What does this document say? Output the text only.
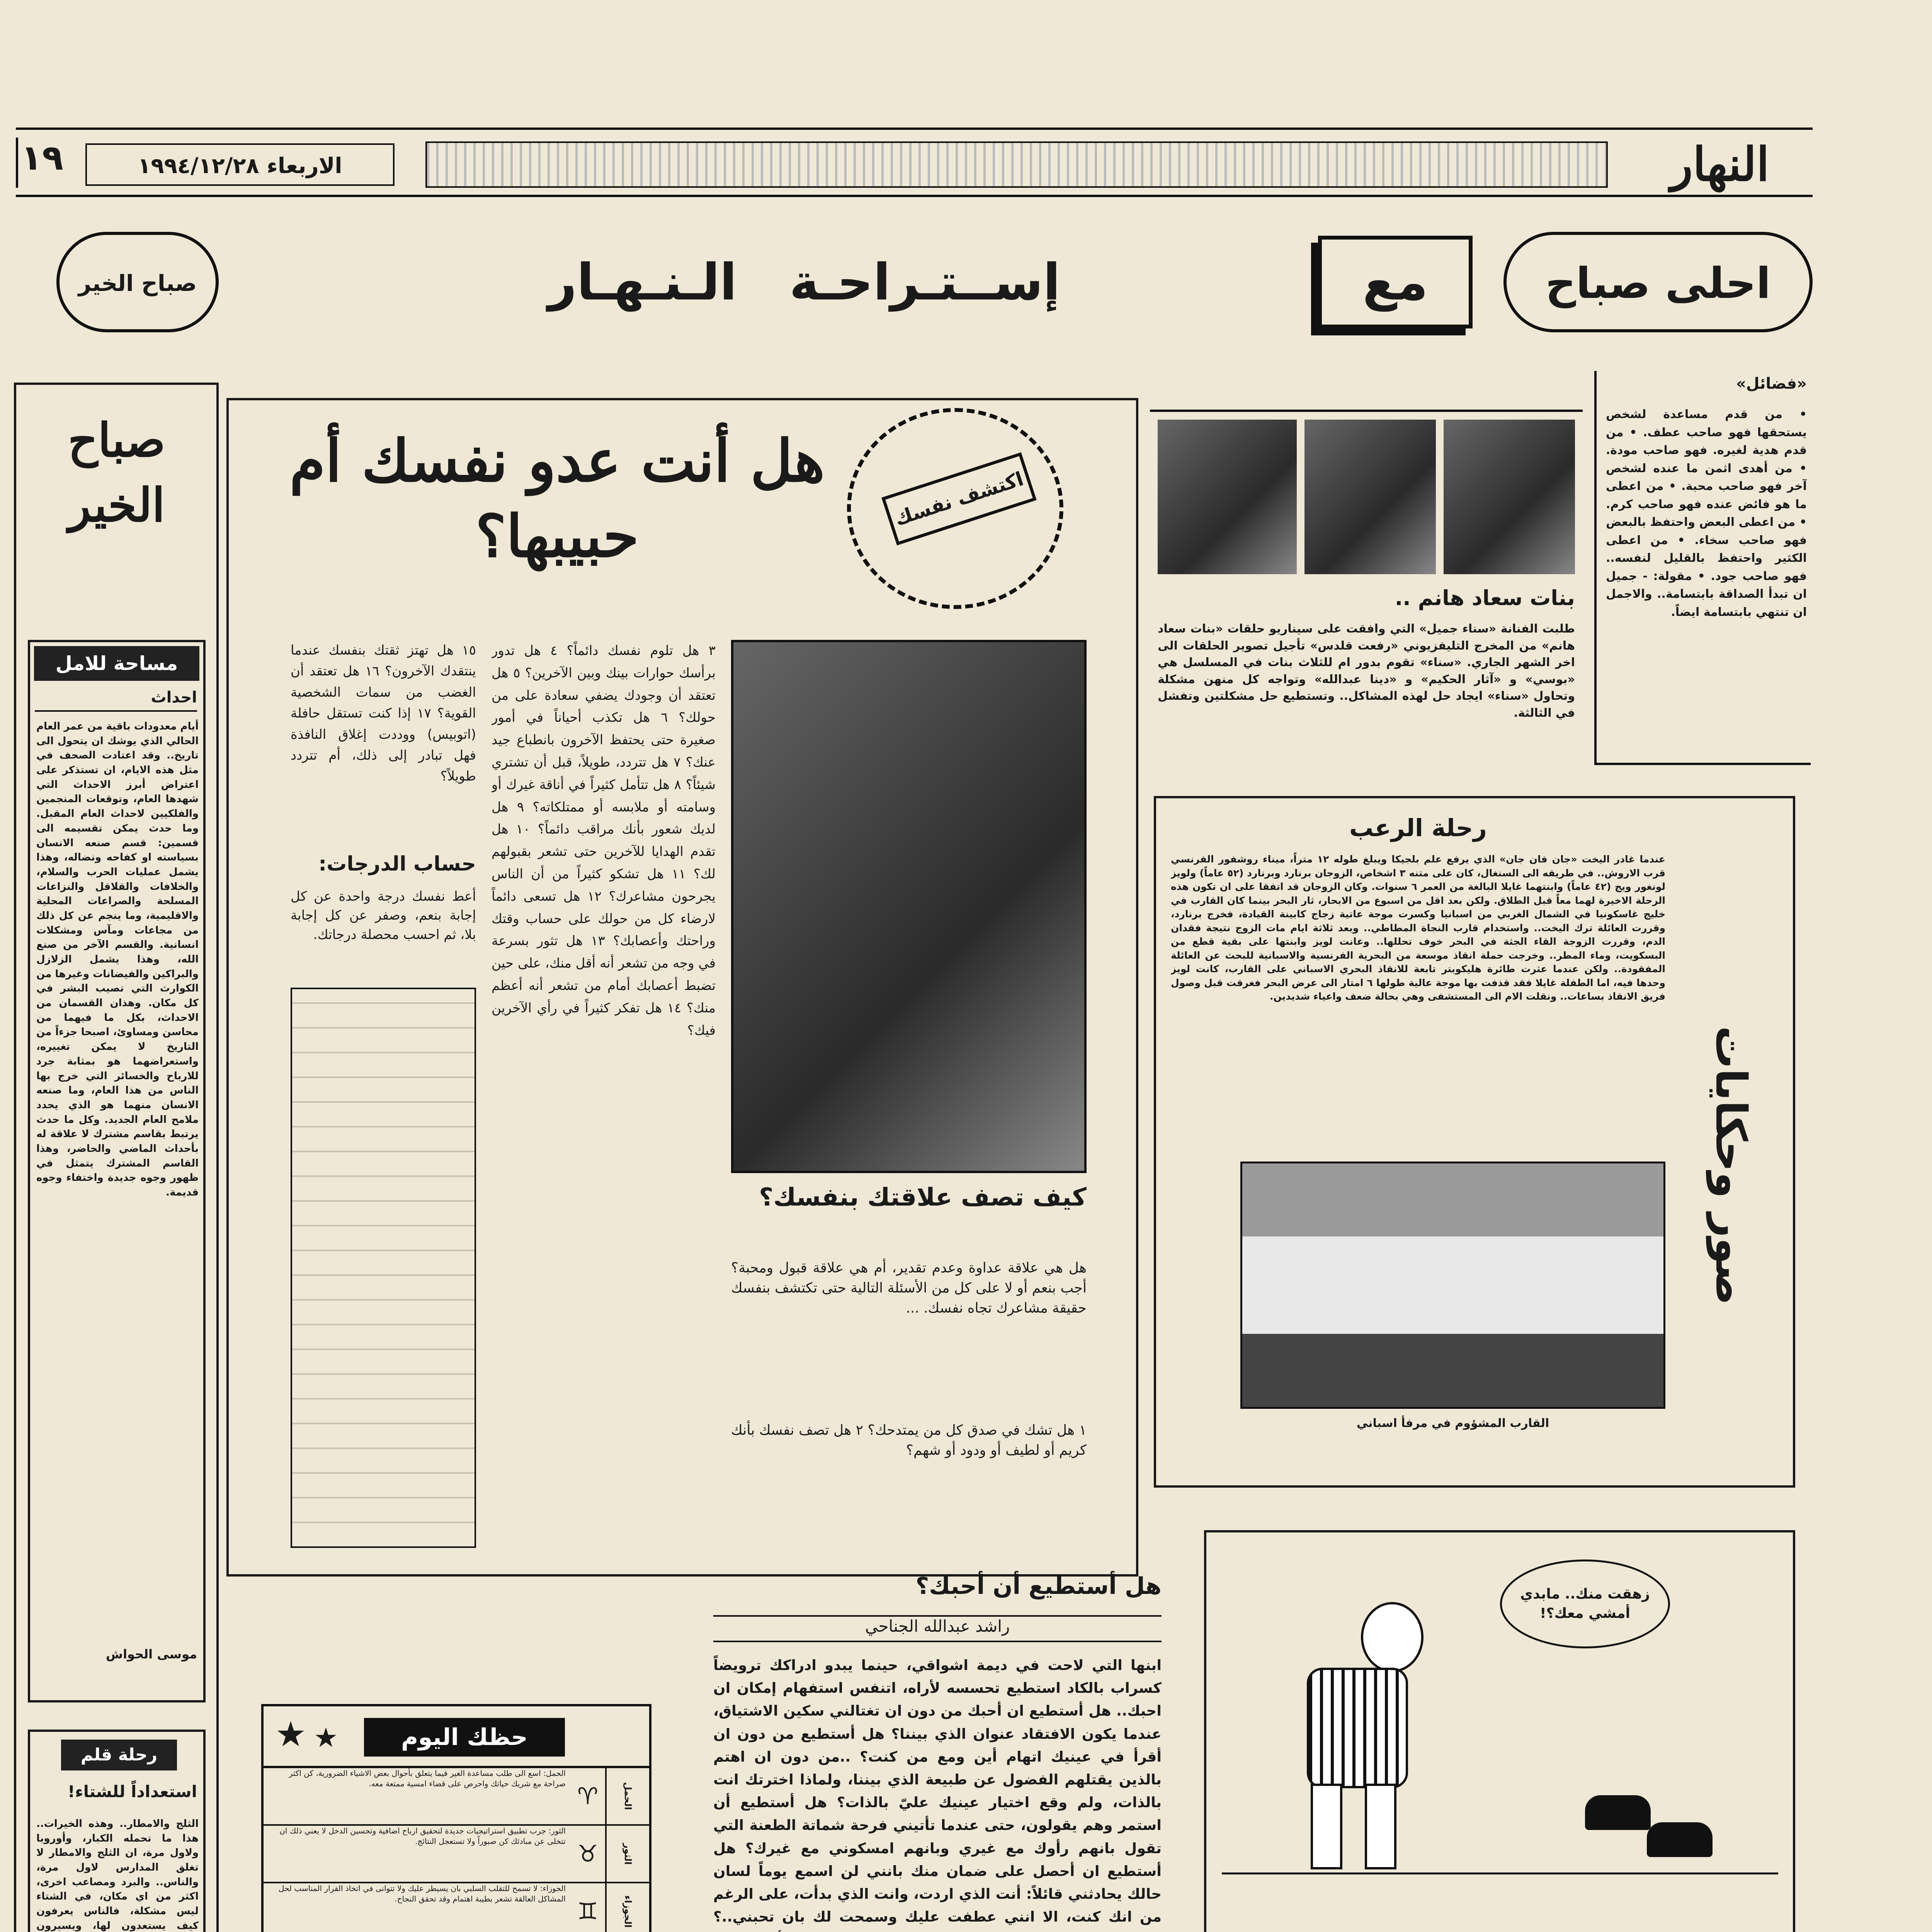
١٩	الاربعاء ١٩٩٤/١٢/٢٨	النهار
احلى صباح
مع
إســتـراحـة   الـنـهـار
صباح الخير
صباح الخير
مساحة للامل
احداث
أيام معدودات باقية من عمر العام الحالي الذي يوشك ان يتحول الى تاريخ.. وقد اعتادت الصحف في مثل هذه الايام، ان تستذكر على اعتراض أبرز الاحداث التي شهدها العام، وتوقعات المنجمين والفلكيين لاحداث العام المقبل. وما حدث يمكن تقسيمه الى قسمين: قسم صنعه الانسان بسياسته او كفاحه ونضاله، وهذا يشمل عمليات الحرب والسلام، والخلافات والقلاقل والنزاعات المسلحة والصراعات المحلية والاقليمية، وما ينجم عن كل ذلك من مجاعات ومآس ومشكلات انسانية. والقسم الآخر من صنع الله، وهذا يشمل الزلازل والبراكين والفيضانات وغيرها من الكوارث التي تصيب البشر في كل مكان. وهذان القسمان من الاحداث، بكل ما فيهما من محاسن ومساوئ، اصبحا جزءاً من التاريخ لا يمكن تغييره، واستعراضهما هو بمثابة جرد للارباح والخسائر التي خرج بها الناس من هذا العام، وما صنعه الانسان منهما هو الذي يحدد ملامح العام الجديد. وكل ما حدث يرتبط بقاسم مشترك لا علاقة له بأحداث الماضي والحاضر، وهذا القاسم المشترك يتمثل في ظهور وجوه جديدة واختفاء وجوه قديمة.
موسى الحواش
رحلة قلم
استعداداً للشتاء!
الثلج والامطار.. وهذه الخيرات.. هذا ما تحمله الكبار، وأوروبا ولاول مرة، ان الثلج والامطار لا تغلق المدارس لاول مرة، والناس.. والبرد ومصاعب اخرى، اكثر من اي مكان، في الشتاء ليس مشكلة، فالناس يعرفون كيف يستعدون لها، ويسيرون
اكتشف نفسك
هل أنت عدو نفسك أم حبيبها؟
كيف تصف علاقتك بنفسك؟
هل هي علاقة عداوة وعدم تقدير، أم هي علاقة قبول ومحبة؟ أجب بنعم أو لا على كل من الأسئلة التالية حتى تكتشف بنفسك حقيقة مشاعرك تجاه نفسك. ...
١ هل تشك في صدق كل من يمتدحك؟ ٢ هل تصف نفسك بأنك كريم أو لطيف أو ودود أو شهم؟
٣ هل تلوم نفسك دائماً؟ ٤ هل تدور برأسك حوارات بينك وبين الآخرين؟ ٥ هل تعتقد أن وجودك يضفي سعادة على من حولك؟ ٦ هل تكذب أحياناً في أمور صغيرة حتى يحتفظ الآخرون بانطباع جيد عنك؟ ٧ هل تتردد، طويلاً، قبل أن تشتري شيئاً؟ ٨ هل تتأمل كثيراً في أناقة غيرك أو وسامته أو ملابسه أو ممتلكاته؟ ٩ هل لديك شعور بأنك مراقب دائماً؟ ١٠ هل تقدم الهدايا للآخرين حتى تشعر بقبولهم لك؟ ١١ هل تشكو كثيراً من أن الناس يجرحون مشاعرك؟ ١٢ هل تسعى دائماً لارضاء كل من حولك على حساب وقتك وراحتك وأعصابك؟ ١٣ هل تثور بسرعة في وجه من تشعر أنه أقل منك، على حين تضبط أعصابك أمام من تشعر أنه أعظم منك؟ ١٤ هل تفكر كثيراً في رأي الآخرين فيك؟
١٥ هل تهتز ثقتك بنفسك عندما ينتقدك الآخرون؟ ١٦ هل تعتقد أن الغضب من سمات الشخصية القوية؟ ١٧ إذا كنت تستقل حافلة (اتوبيس) ووددت إغلاق النافذة فهل تبادر إلى ذلك، أم تتردد طويلاً؟
حساب الدرجات:
أعط نفسك درجة واحدة عن كل إجابة بنعم، وصفر عن كل إجابة بلا، ثم احسب محصلة درجاتك.
بنات سعاد هانم ..
طلبت الفنانة «سناء جميل» التي وافقت على سيناريو حلقات «بنات سعاد هانم» من المخرج التليفزيوني «رفعت قلدس» تأجيل تصوير الحلقات الى اخر الشهر الجاري. «سناء» تقوم بدور ام للثلاث بنات في المسلسل هي «بوسي» و «آثار الحكيم» و «دينا عبدالله» وتواجه كل منهن مشكلة وتحاول «سناء» ايجاد حل لهذه المشاكل.. وتستطيع حل مشكلتين وتفشل في الثالثة.
«فضائل»
• من قدم مساعدة لشخص يستحقها فهو صاحب عطف. • من قدم هدية لغيره. فهو صاحب مودة. • من أهدى اثمن ما عنده لشخص آخر فهو صاحب محبة. • من اعطى ما هو فائض عنده فهو صاحب كرم. • من اعطى البعض واحتفظ بالبعض فهو صاحب سخاء. • من اعطى الكثير واحتفظ بالقليل لنفسه.. فهو صاحب جود. • مقولة: - جميل ان تبدأ الصداقة بابتسامة.. والاجمل ان تنتهي بابتسامة ايضاً.
رحلة الرعب
عندما غادر اليخت «جان فان جان» الذي يرفع علم بلجيكا ويبلغ طوله ١٢ متراً، ميناء روشفور الفرنسي قرب الاروش.. في طريقه الى السنغال، كان على متنه ٣ اشخاص، الزوجان برنارد وبرنارد (٥٢ عاماً) ولويز لونغور ويج (٤٢ عاماً) وابنتهما غايلا البالغة من العمر ٦ سنوات. وكان الزوجان قد اتفقا على ان تكون هذه الرحلة الاخيرة لهما معاً قبل الطلاق. ولكن بعد اقل من اسبوع من الابحار، ثار البحر بينما كان القارب في خليج غاسكونيا في الشمال الغربي من اسبانيا وكسرت موجة عاتية زجاج كابينة القيادة، فخرج برنارد، وقررت العائلة ترك اليخت.. واستخدام قارب النجاة المطاطي.. وبعد ثلاثة ايام مات الزوج نتيجة فقدان الدم، وقررت الزوجة القاء الجثة في البحر خوف تحللها.. وعانت لويز وابنتها على بقية قطع من البسكويت، وماء المطر.. وخرجت حملة انقاذ موسعة من البحرية الفرنسية والاسبانية للبحث عن العائلة المفقودة.. ولكن عندما عثرت طائرة هليكوبتر تابعة للانقاذ البحري الاسباني على القارب، كانت لويز وحدها فيه، اما الطفلة غايلا فقد قذفت بها موجة عالية طولها ٦ امتار الى عرض البحر فغرقت قبل وصول فريق الانقاذ بساعات.. ونقلت الام الى المستشفى وهي بحالة ضعف واعياء شديدين.
القارب المشؤوم في مرفأ اسباني
صور وحكايات
زهقت منك.. مابدي أمشي معك؟!
هل أستطيع أن أحبك؟
راشد عبدالله الجناحي
ابنها التي لاحت في ديمة اشواقي، حينما يبدو ادراكك ترويضاً كسراب بالكاد استطيع تحسسه لأراه، اتنفس استفهام إمكان ان احبك.. هل أستطيع ان أحبك من دون ان تغتالني سكين الاشتياق، عندما يكون الافتقاد عنوان الذي بيننا؟ هل أستطيع من دون ان أقرأ في عينيك اتهام أين ومع من كنت؟ ..من دون ان اهتم بالذين يقتلهم الفضول عن طبيعة الذي بيننا، ولماذا اخترتك انت بالذات، ولم وقع اختيار عينيك عليّ بالذات؟ هل أستطيع أن استمر وهم يقولون، حتى عندما تأتيني فرحة شماتة الطعنة التي تقول بانهم رأوك مع غيري وبانهم امسكوني مع غيرك؟ هل أستطيع ان أحصل على ضمان منك بانني لن اسمع يوماً لسان حالك يحادثني قائلاً: أنت الذي اردت، وانت الذي بدأت، على الرغم من انك كنت، الا انني عطفت عليك وسمحت لك بان تحبني..؟
★ ★	حظك اليوم
الحمل
♈
الحمل: اسع الى طلب مساعدة الغير فيما يتعلق بأحوال بعض الاشياء الضرورية، كن اكثر صراحة مع شريك حياتك واحرص على قضاء امسية ممتعة معه.
الثور
♉
الثور: جرب تطبيق استراتيجيات جديدة لتحقيق ارباح اضافية وتحسين الدخل لا يعني ذلك ان تتخلى عن مبادئك كن صبوراً ولا تستعجل النتائج.
الجوزاء
♊
الجوزاء: لا تسمح للتقلب السلبي بان يسيطر عليك ولا تتوانى في اتخاذ القرار المناسب لحل المشاكل العالقة تشعر بطيبة اهتمام وقد تحقق النجاح.
